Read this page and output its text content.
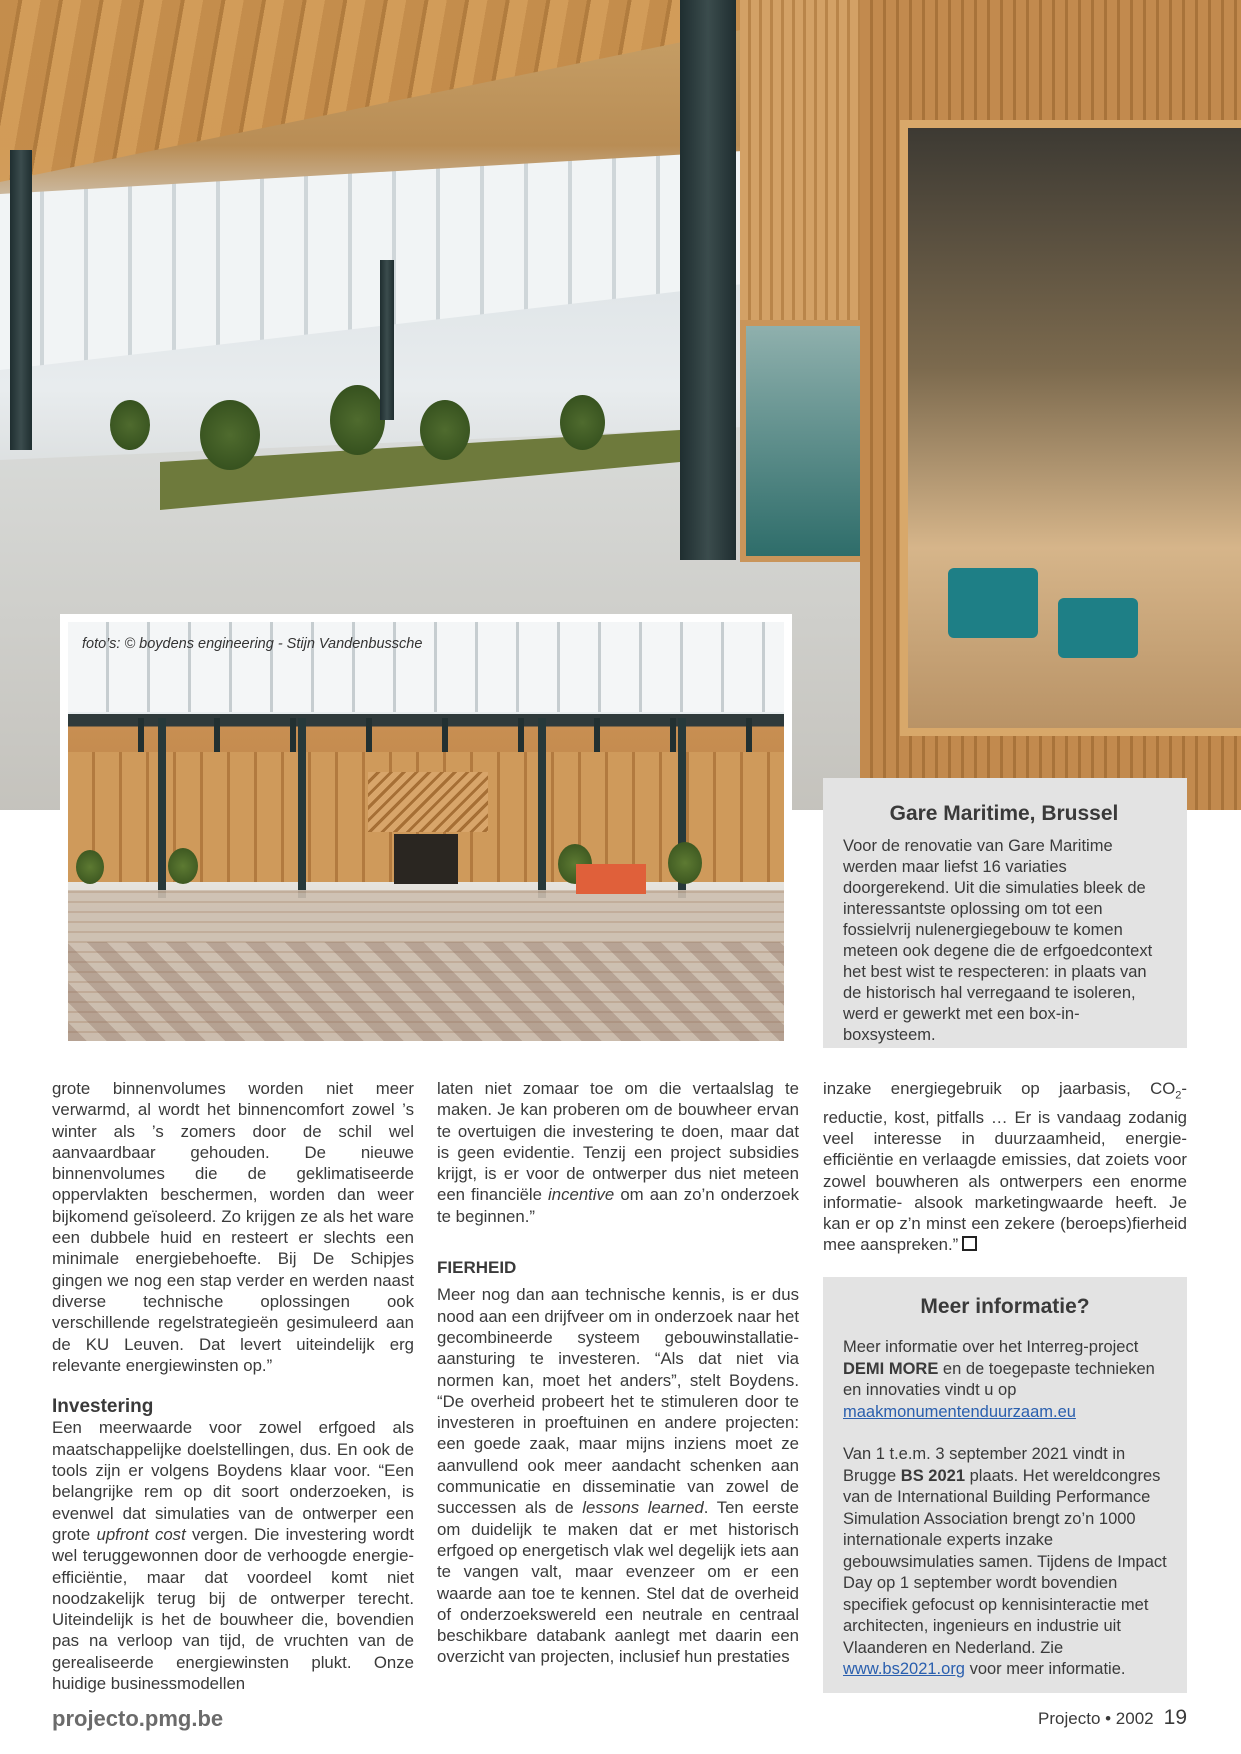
foto’s: © boydens engineering - Stijn Vandenbussche
Gare Maritime, Brussel

Voor de renovatie van Gare Maritime werden maar liefst 16 variaties doorgerekend. Uit die simulaties bleek de interessantste oplossing om tot een fossielvrij nulenergiegebouw te komen meteen ook degene die de erfgoedcontext het best wist te respecteren: in plaats van de historisch hal verregaand te isoleren, werd er gewerkt met een box-in-boxsysteem.

grote binnenvolumes worden niet meer verwarmd, al wordt het binnencomfort zowel ’s winter als ’s zomers door de schil wel aanvaardbaar gehouden. De nieuwe binnenvolumes die de geklimatiseerde oppervlakten beschermen, worden dan weer bijkomend geïsoleerd. Zo krijgen ze als het ware een dubbele huid en resteert er slechts een minimale energiebehoefte. Bij De Schipjes gingen we nog een stap verder en werden naast diverse technische oplossingen ook verschillende regelstrategieën gesimuleerd aan de KU Leuven. Dat levert uiteindelijk erg relevante energiewinsten op.”

Investering

Een meerwaarde voor zowel erfgoed als maatschappelijke doelstellingen, dus. En ook de tools zijn er volgens Boydens klaar voor. “Een belangrijke rem op dit soort onderzoeken, is evenwel dat simulaties van de ontwerper een grote upfront cost vergen. Die investering wordt wel teruggewonnen door de verhoogde energie-efficiëntie, maar dat voordeel komt niet noodzakelijk terug bij de ontwerper terecht. Uiteindelijk is het de bouwheer die, bovendien pas na verloop van tijd, de vruchten van de gerealiseerde energiewinsten plukt. Onze huidige businessmodellen

laten niet zomaar toe om die vertaalslag te maken. Je kan proberen om de bouwheer ervan te overtuigen die investering te doen, maar dat is geen evidentie. Tenzij een project subsidies krijgt, is er voor de ontwerper dus niet meteen een financiële incentive om aan zo’n onderzoek te beginnen.”

FIERHEID

Meer nog dan aan technische kennis, is er dus nood aan een drijfveer om in onderzoek naar het gecombineerde systeem gebouwinstallatie-aansturing te investeren. “Als dat niet via normen kan, moet het anders”, stelt Boydens. “De overheid probeert het te stimuleren door te investeren in proeftuinen en andere projecten: een goede zaak, maar mijns inziens moet ze aanvullend ook meer aandacht schenken aan communicatie en disseminatie van zowel de successen als de lessons learned. Ten eerste om duidelijk te maken dat er met historisch erfgoed op energetisch vlak wel degelijk iets aan te vangen valt, maar evenzeer om er een waarde aan toe te kennen. Stel dat de overheid of onderzoekswereld een neutrale en centraal beschikbare databank aanlegt met daarin een overzicht van projecten, inclusief hun prestaties

inzake energiegebruik op jaarbasis, $CO_2$-reductie, kost, pitfalls … Er is vandaag zodanig veel interesse in duurzaamheid, energie-efficiëntie en verlaagde emissies, dat zoiets voor zowel bouwheren als ontwerpers een enorme informatie- alsook marketingwaarde heeft. Je kan er op z’n minst een zekere (beroeps)fierheid mee aanspreken.”

Meer informatie?

Meer informatie over het Interreg-project DEMI MORE en de toegepaste technieken en innovaties vindt u op
maakmonumentenduurzaam.eu

Van 1 t.e.m. 3 september 2021 vindt in Brugge BS 2021 plaats. Het wereldcongres van de International Building Performance Simulation Association brengt zo’n 1000 internationale experts inzake gebouwsimulaties samen. Tijdens de Impact Day op 1 september wordt bovendien specifiek gefocust op kennisinteractie met architecten, ingenieurs en industrie uit Vlaanderen en Nederland. Zie www.bs2021.org voor meer informatie.

projecto.pmg.be	Projecto • 2002 19
